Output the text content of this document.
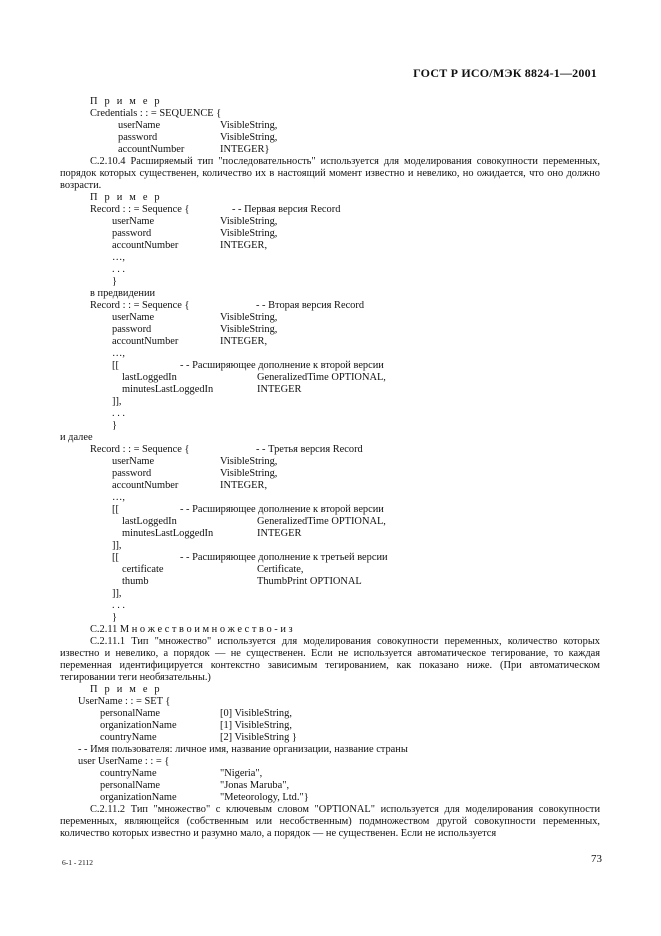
ГОСТ Р ИСО/МЭК 8824-1—2001
П р и м е р
Credentials : : = SEQUENCE {
userName	VisibleString,
password	VisibleString,
accountNumber	INTEGER}

С.2.10.4 Расширяемый тип "последовательность" используется для моделирования совокупности переменных, порядок которых существенен, количество их в настоящий момент известно и невелико, но ожидается, что оно должно возрасти.

П р и м е р
Record : : = Sequence {	- - Первая версия Record
userName	VisibleString,
password	VisibleString,
accountNumber	INTEGER,
…,
. . .
}
в предвидении
Record : : = Sequence {	- - Вторая версия Record
userName	VisibleString,
password	VisibleString,
accountNumber	INTEGER,
…,
[[	- - Расширяющее дополнение к второй версии
lastLoggedIn	GeneralizedTime OPTIONAL,
minutesLastLoggedIn	INTEGER
]],
. . .
}
и далее
Record : : = Sequence {	- - Третья версия Record
userName	VisibleString,
password	VisibleString,
accountNumber	INTEGER,
…,
[[	- - Расширяющее дополнение к второй версии
lastLoggedIn	GeneralizedTime OPTIONAL,
minutesLastLoggedIn	INTEGER
]],
[[	- - Расширяющее дополнение к третьей версии
certificate	Certificate,
thumb	ThumbPrint OPTIONAL
]],
. . .
}
С.2.11 М н о ж е с т в о и м н о ж е с т в о - и з

С.2.11.1 Тип "множество" используется для моделирования совокупности переменных, количество которых известно и невелико, а порядок — не существенен. Если не используется автоматическое тегирование, то каждая переменная идентифицируется контекстно зависимым тегированием, как показано ниже. (При автоматическом тегировании теги необязательны.)

П р и м е р
UserName : : = SET {
personalName	[0] VisibleString,
organizationName	[1] VisibleString,
countryName	[2] VisibleString }
- - Имя пользователя: личное имя, название организации, название страны
user UserName : : = {
countryName	"Nigeria",
personalName	"Jonas Maruba",
organizationName	"Meteorology, Ltd."}

С.2.11.2 Тип "множество" с ключевым словом "OPTIONAL" используется для моделирования совокупности переменных, являющейся (собственным или несобственным) подмножеством другой совокупности переменных, количество которых известно и разумно мало, а порядок — не существенен. Если не используется

6-1 - 2112	73
